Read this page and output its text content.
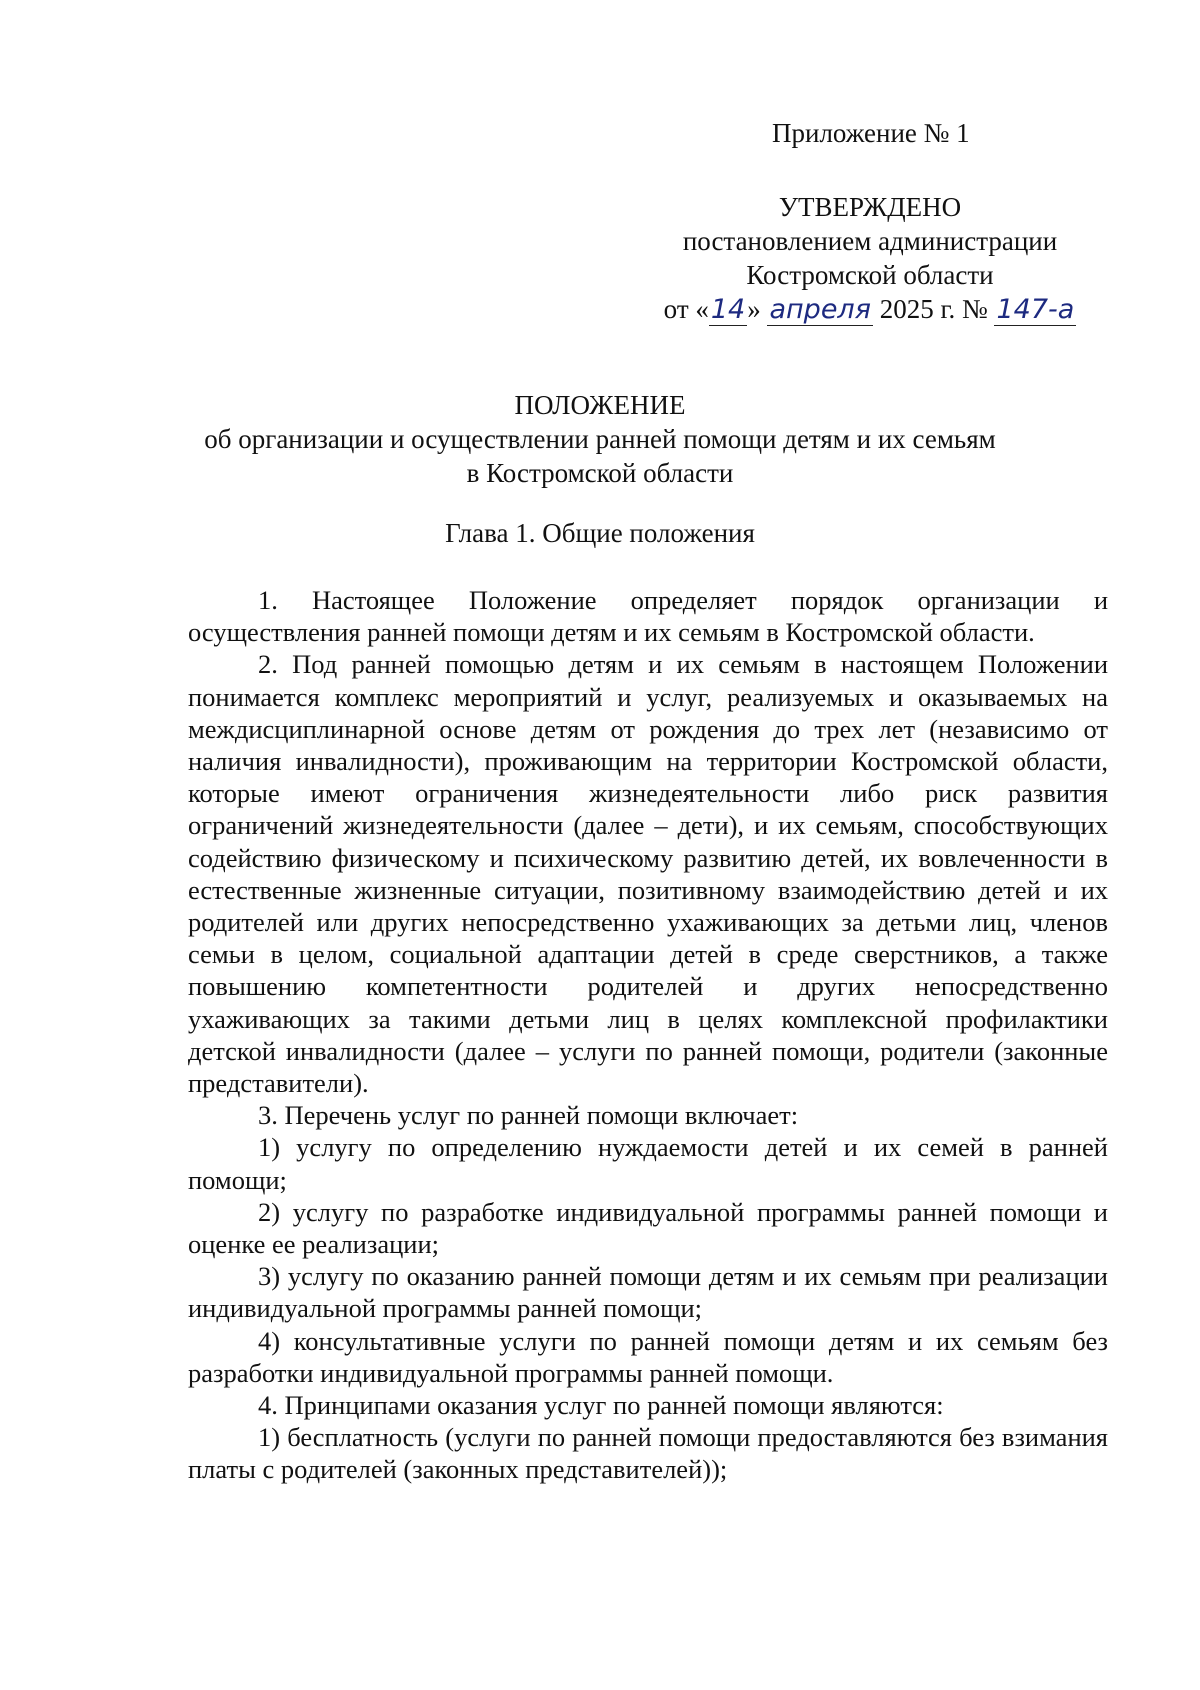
Приложение № 1
УТВЕРЖДЕНО
постановлением администрации
Костромской области
от «14» апреля 2025 г. № 147-а
ПОЛОЖЕНИЕ
об организации и осуществлении ранней помощи детям и их семьям
в Костромской области
Глава 1. Общие положения

1. Настоящее Положение определяет порядок организации и осуществления ранней помощи детям и их семьям в Костромской области.

2. Под ранней помощью детям и их семьям в настоящем Положении понимается комплекс мероприятий и услуг, реализуемых и оказываемых на междисциплинарной основе детям от рождения до трех лет (независимо от наличия инвалидности), проживающим на территории Костромской области, которые имеют ограничения жизнедеятельности либо риск развития ограничений жизнедеятельности (далее – дети), и их семьям, способствующих содействию физическому и психическому развитию детей, их вовлеченности в естественные жизненные ситуации, позитивному взаимодействию детей и их родителей или других непосредственно ухаживающих за детьми лиц, членов семьи в целом, социальной адаптации детей в среде сверстников, а также повышению компетентности родителей и других непосредственно ухаживающих за такими детьми лиц в целях комплексной профилактики детской инвалидности (далее – услуги по ранней помощи, родители (законные представители).

3. Перечень услуг по ранней помощи включает:

1) услугу по определению нуждаемости детей и их семей в ранней помощи;

2) услугу по разработке индивидуальной программы ранней помощи и оценке ее реализации;

3) услугу по оказанию ранней помощи детям и их семьям при реализации индивидуальной программы ранней помощи;

4) консультативные услуги по ранней помощи детям и их семьям без разработки индивидуальной программы ранней помощи.

4. Принципами оказания услуг по ранней помощи являются:

1) бесплатность (услуги по ранней помощи предоставляются без взимания платы с родителей (законных представителей));
